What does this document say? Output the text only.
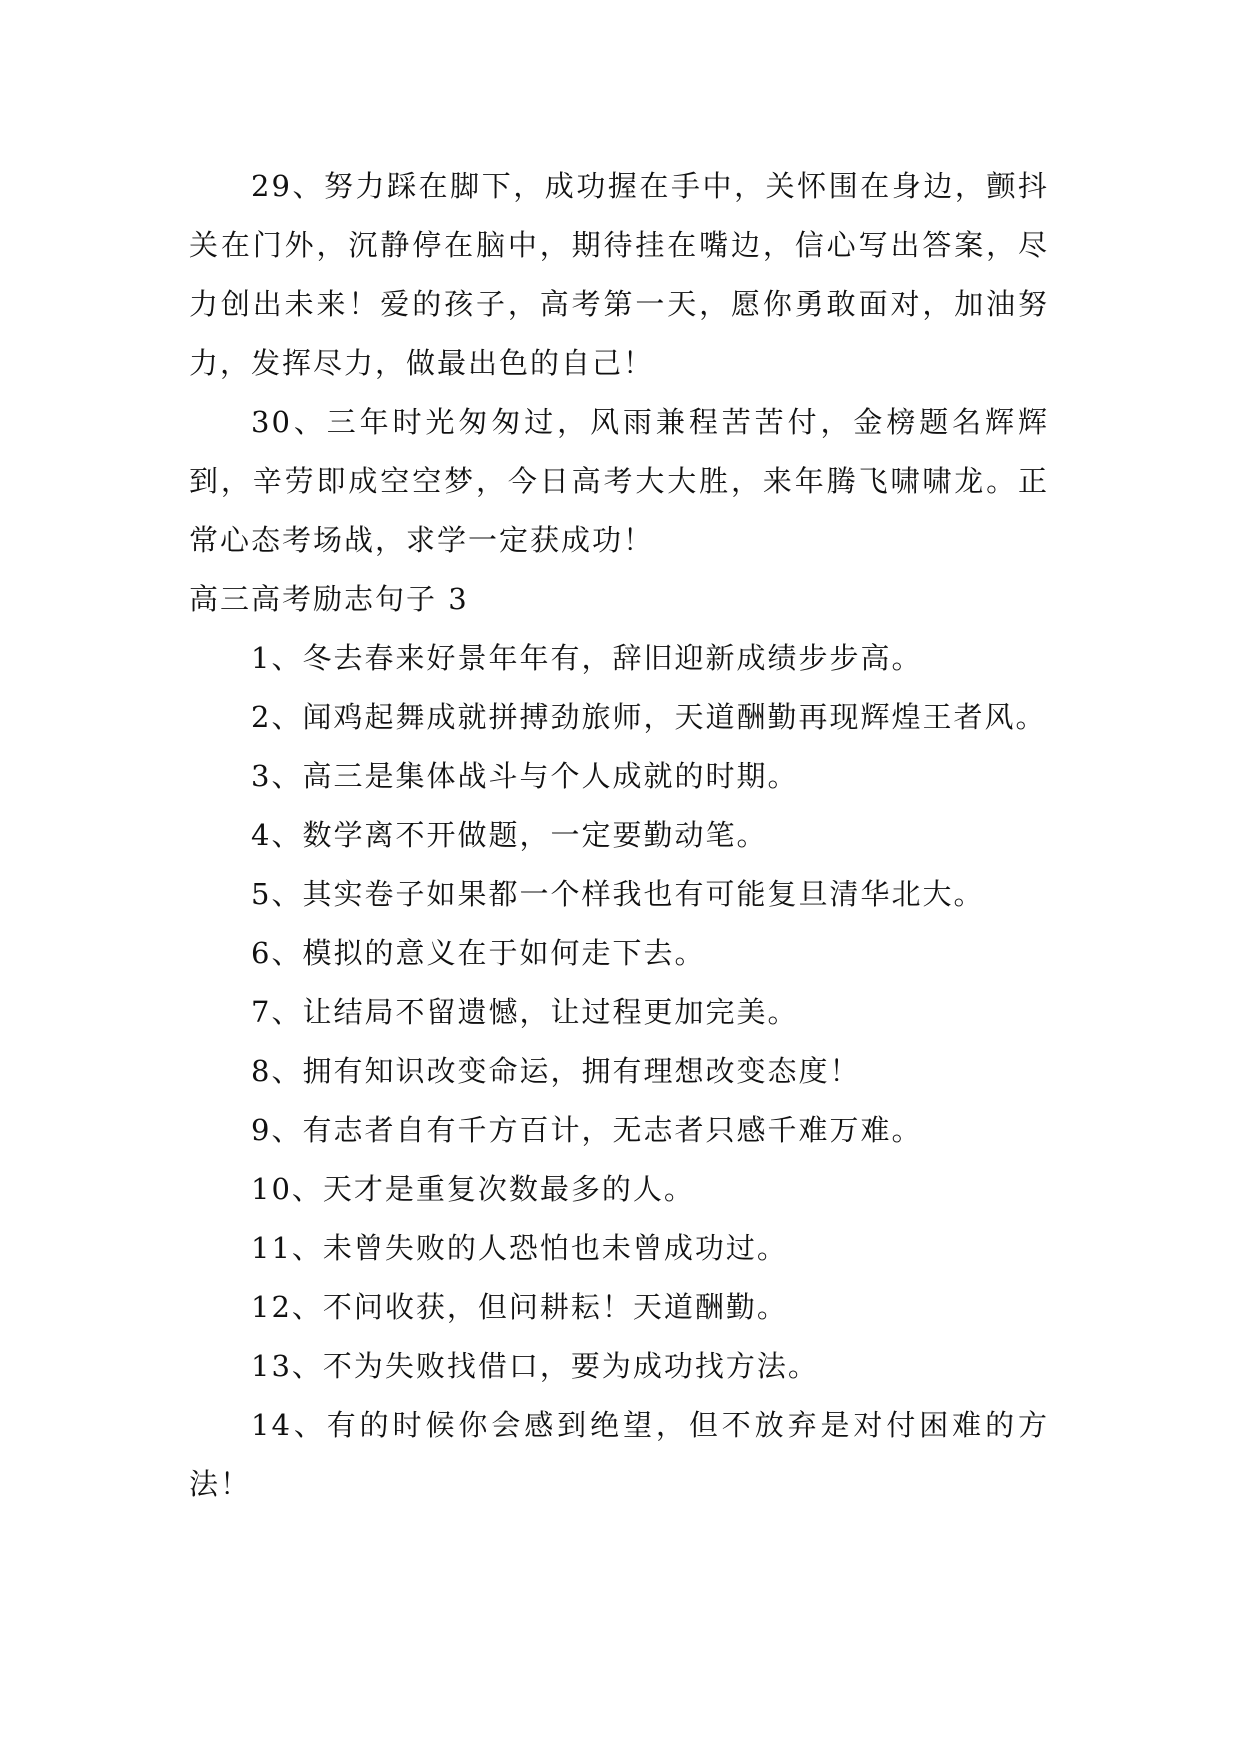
29、努力踩在脚下，成功握在手中，关怀围在身边，颤抖关在门外，沉静停在脑中，期待挂在嘴边，信心写出答案，尽力创出未来！爱的孩子，高考第一天，愿你勇敢面对，加油努力，发挥尽力，做最出色的自己！

30、三年时光匆匆过，风雨兼程苦苦付，金榜题名辉辉到，辛劳即成空空梦，今日高考大大胜，来年腾飞啸啸龙。正常心态考场战，求学一定获成功！

高三高考励志句子 3

1、冬去春来好景年年有，辞旧迎新成绩步步高。

2、闻鸡起舞成就拼搏劲旅师，天道酬勤再现辉煌王者风。

3、高三是集体战斗与个人成就的时期。

4、数学离不开做题，一定要勤动笔。

5、其实卷子如果都一个样我也有可能复旦清华北大。

6、模拟的意义在于如何走下去。

7、让结局不留遗憾，让过程更加完美。

8、拥有知识改变命运，拥有理想改变态度！

9、有志者自有千方百计，无志者只感千难万难。

10、天才是重复次数最多的人。

11、未曾失败的人恐怕也未曾成功过。

12、不问收获，但问耕耘！天道酬勤。

13、不为失败找借口，要为成功找方法。

14、有的时候你会感到绝望，但不放弃是对付困难的方法！
